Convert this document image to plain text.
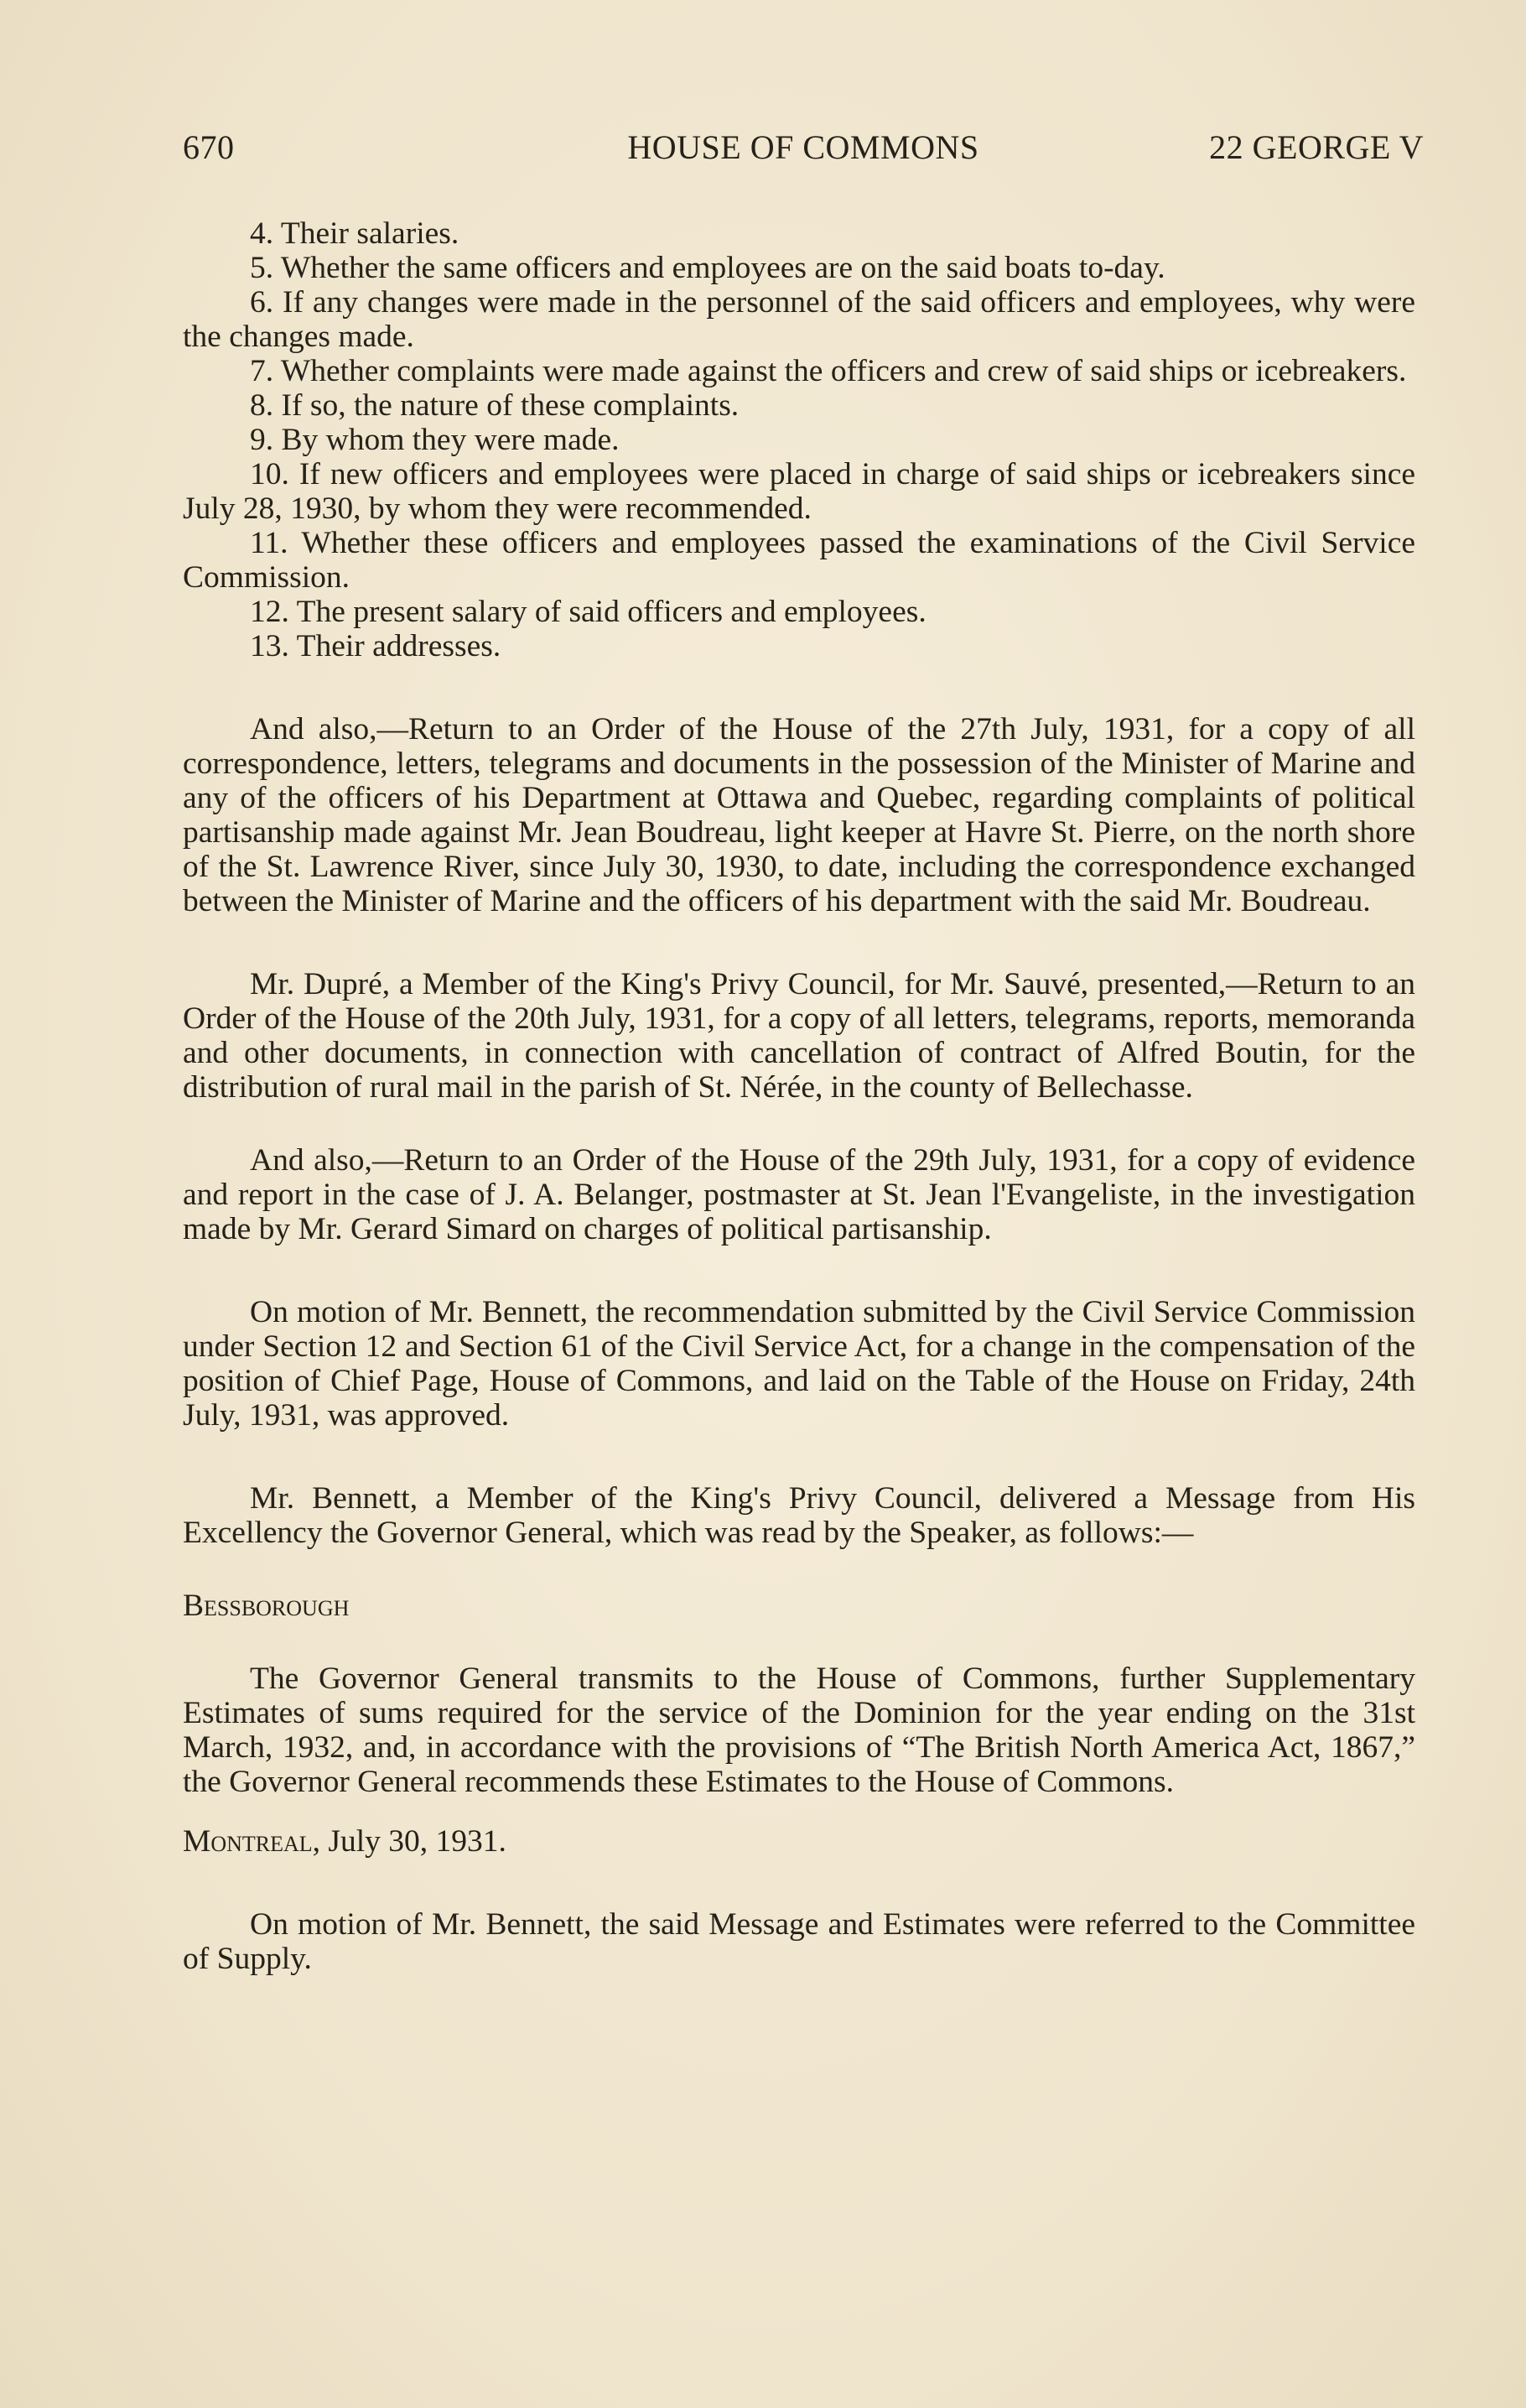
670	HOUSE OF COMMONS	22 GEORGE V

4. Their salaries.

5. Whether the same officers and employees are on the said boats to-day.

6. If any changes were made in the personnel of the said officers and employees, why were the changes made.

7. Whether complaints were made against the officers and crew of said ships or icebreakers.

8. If so, the nature of these complaints.

9. By whom they were made.

10. If new officers and employees were placed in charge of said ships or icebreakers since July 28, 1930, by whom they were recommended.

11. Whether these officers and employees passed the examinations of the Civil Service Commission.

12. The present salary of said officers and employees.

13. Their addresses.

And also,—Return to an Order of the House of the 27th July, 1931, for a copy of all correspondence, letters, telegrams and documents in the possession of the Minister of Marine and any of the officers of his Department at Ottawa and Quebec, regarding complaints of political partisanship made against Mr. Jean Boudreau, light keeper at Havre St. Pierre, on the north shore of the St. Lawrence River, since July 30, 1930, to date, including the correspondence exchanged between the Minister of Marine and the officers of his department with the said Mr. Boudreau.

Mr. Dupré, a Member of the King's Privy Council, for Mr. Sauvé, presented,—Return to an Order of the House of the 20th July, 1931, for a copy of all letters, telegrams, reports, memoranda and other documents, in connection with cancellation of contract of Alfred Boutin, for the distribution of rural mail in the parish of St. Nérée, in the county of Bellechasse.

And also,—Return to an Order of the House of the 29th July, 1931, for a copy of evidence and report in the case of J. A. Belanger, postmaster at St. Jean l'Evangeliste, in the investigation made by Mr. Gerard Simard on charges of political partisanship.

On motion of Mr. Bennett, the recommendation submitted by the Civil Service Commission under Section 12 and Section 61 of the Civil Service Act, for a change in the compensation of the position of Chief Page, House of Commons, and laid on the Table of the House on Friday, 24th July, 1931, was approved.

Mr. Bennett, a Member of the King's Privy Council, delivered a Message from His Excellency the Governor General, which was read by the Speaker, as follows:—

Bessborough

The Governor General transmits to the House of Commons, further Supplementary Estimates of sums required for the service of the Dominion for the year ending on the 31st March, 1932, and, in accordance with the provisions of “The British North America Act, 1867,” the Governor General recommends these Estimates to the House of Commons.

Montreal, July 30, 1931.

On motion of Mr. Bennett, the said Message and Estimates were referred to the Committee of Supply.
